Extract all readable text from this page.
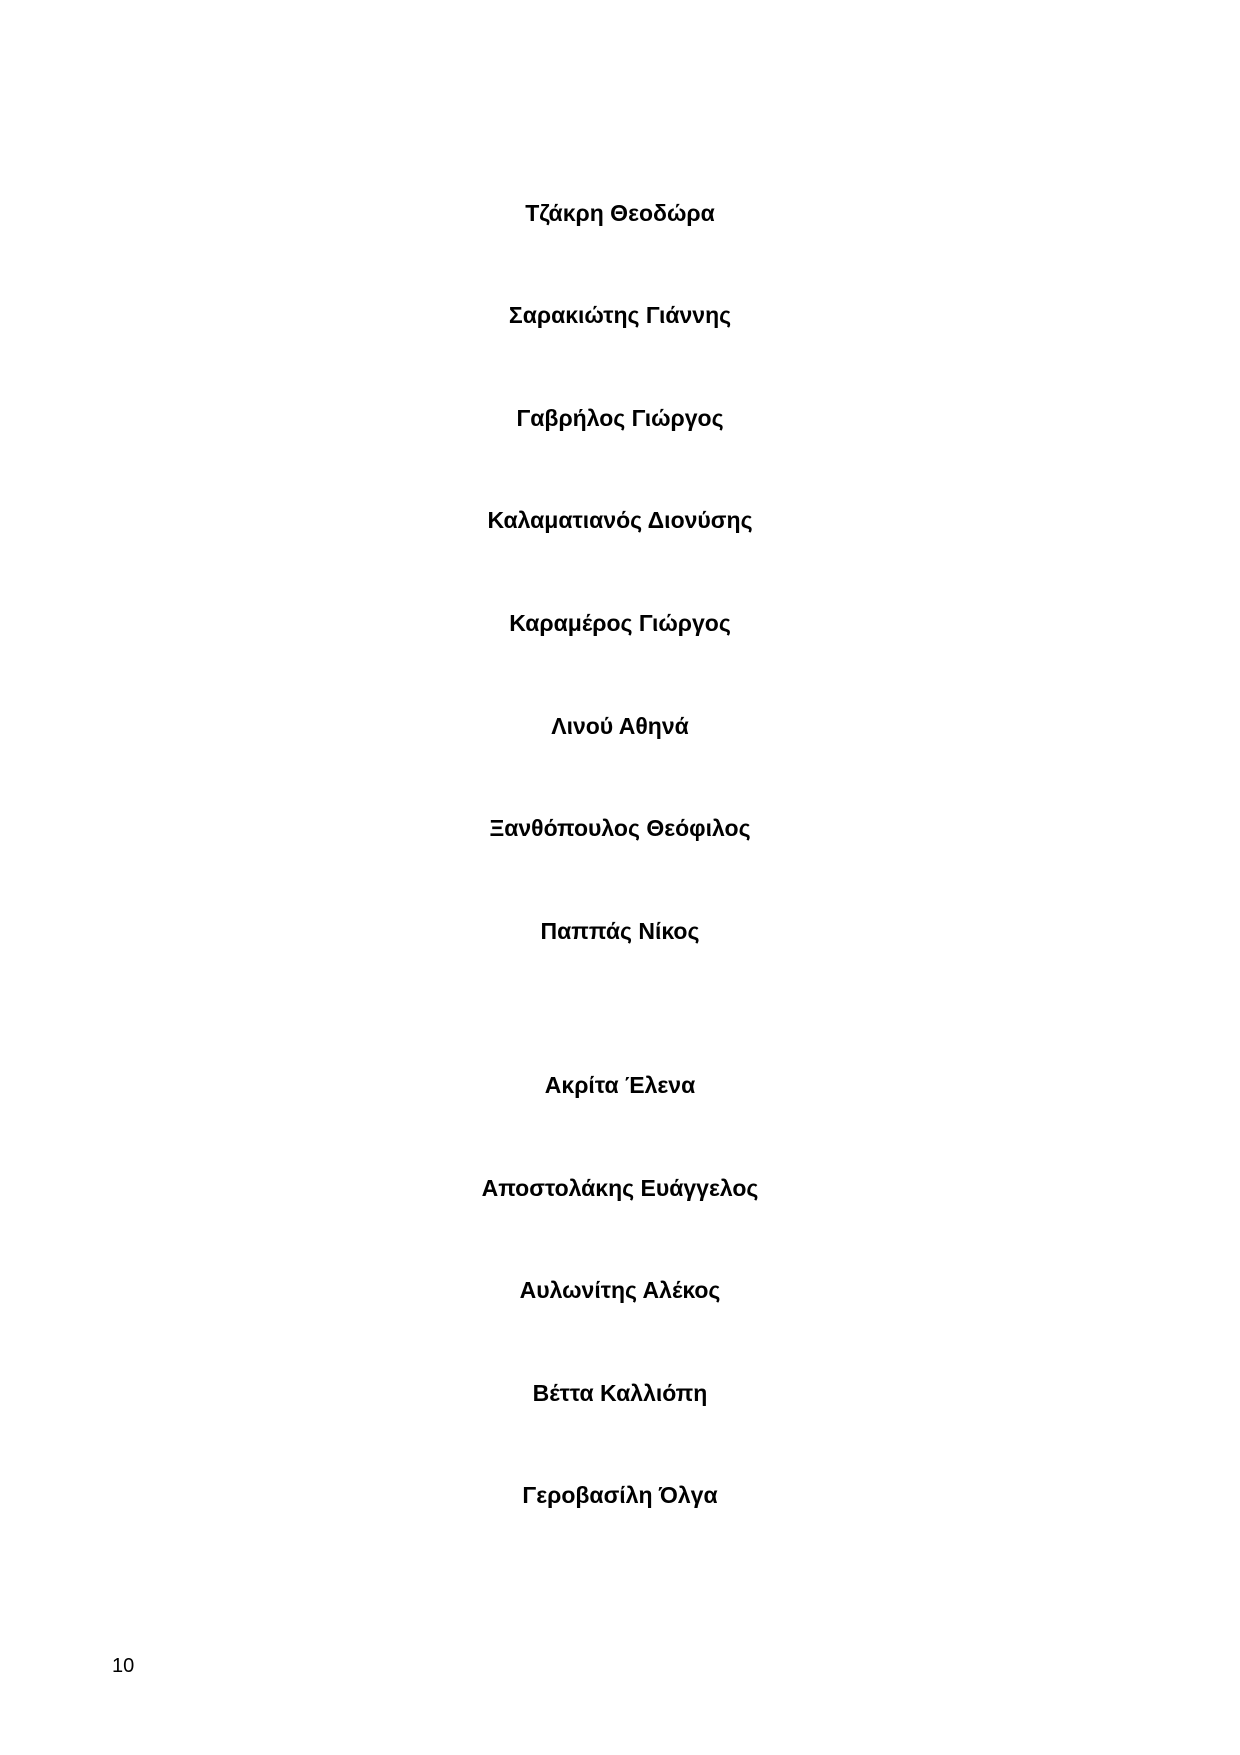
Τζάκρη Θεοδώρα
Σαρακιώτης Γιάννης
Γαβρήλος Γιώργος
Καλαματιανός Διονύσης
Καραμέρος Γιώργος
Λινού Αθηνά
Ξανθόπουλος Θεόφιλος
Παππάς Νίκος
Ακρίτα Έλενα
Αποστολάκης Ευάγγελος
Αυλωνίτης Αλέκος
Βέττα Καλλιόπη
Γεροβασίλη Όλγα
10
